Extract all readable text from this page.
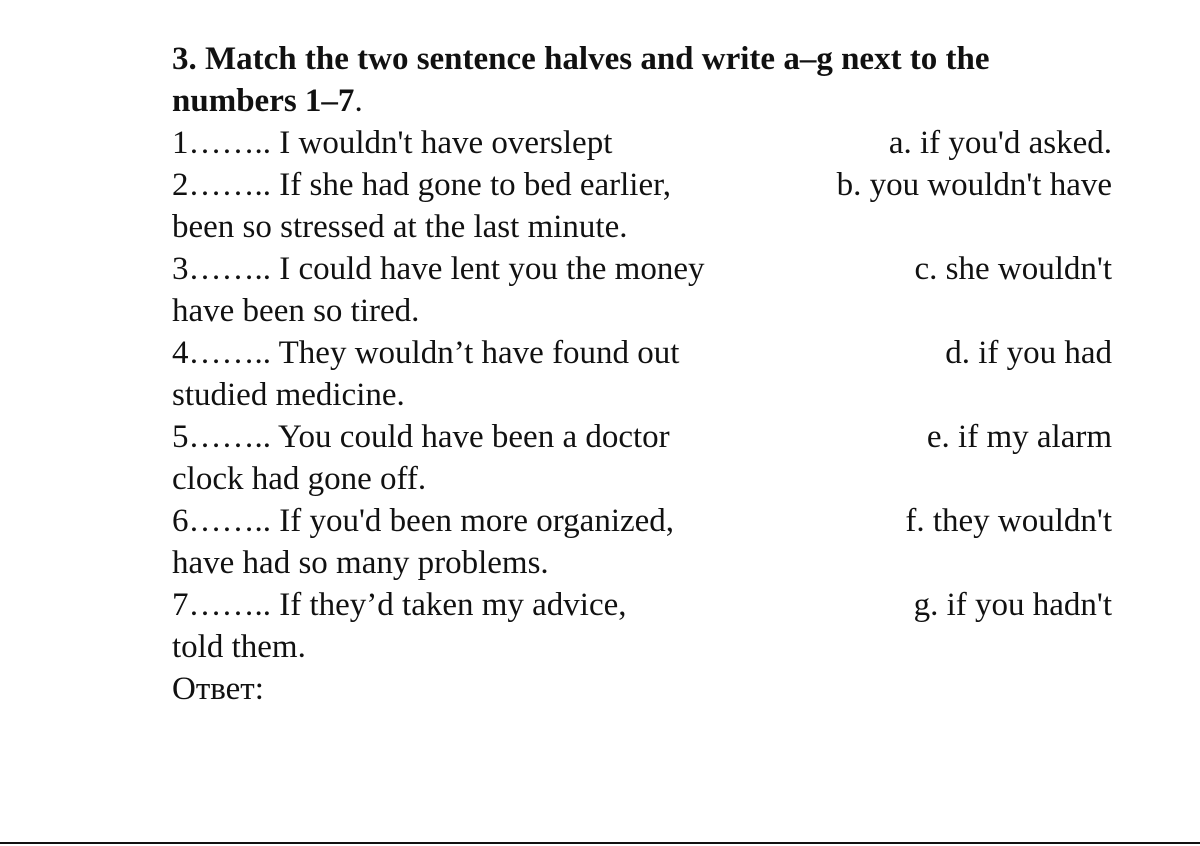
3. Match the two sentence halves and write a–g next to the
numbers 1–7.
1…….. I wouldn't have overslept	a. if you'd asked.
2…….. If she had gone to bed earlier,	b. you wouldn't have
been so stressed at the last minute.
3…….. I could have lent you the money	c. she wouldn't
have been so tired.
4…….. They wouldn’t have found out	d. if you had
studied medicine.
5…….. You could have been a doctor	e. if my alarm
clock had gone off.
6…….. If you'd been more organized,	f. they wouldn't
have had so many problems.
7…….. If they’d taken my advice,	g. if you hadn't
told them.
Ответ:
